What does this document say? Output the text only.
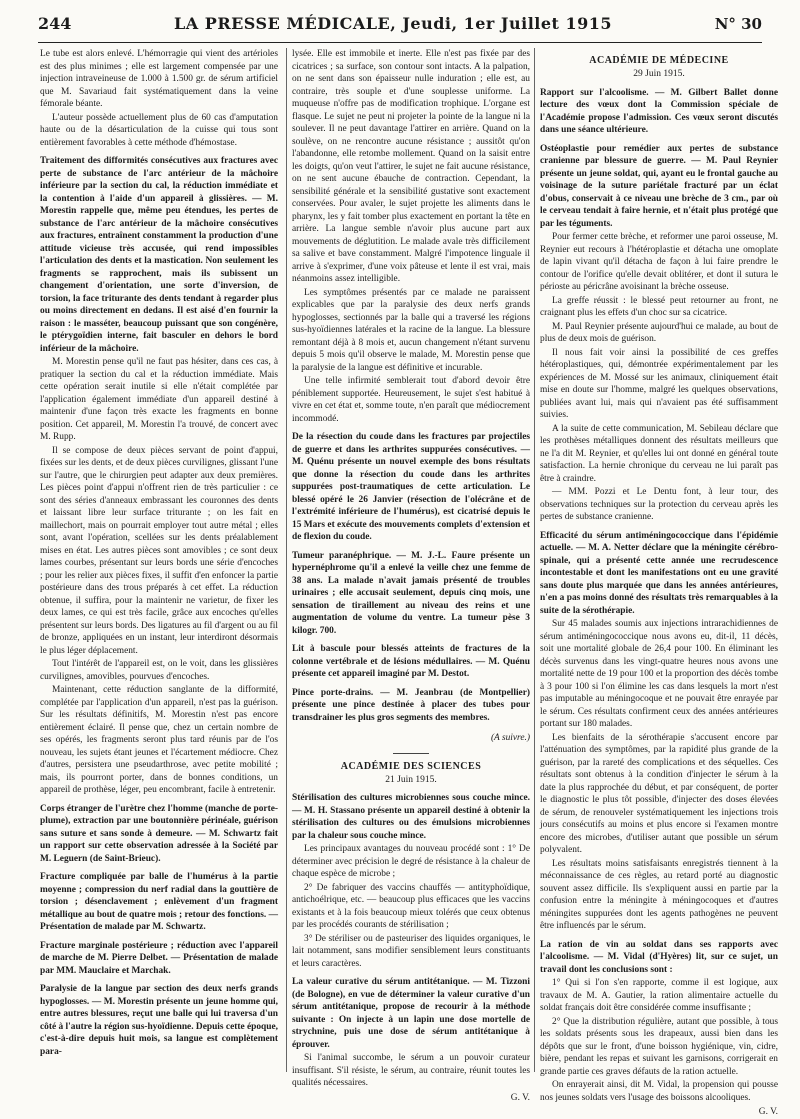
244	LA PRESSE MÉDICALE, Jeudi, 1er Juillet 1915	N° 30

Le tube est alors enlevé. L'hémorragie qui vient des artérioles est des plus minimes ; elle est largement compensée par une injection intraveineuse de 1.000 à 1.500 gr. de sérum artificiel que M. Savariaud fait systématiquement dans la veine fémorale béante.

L'auteur possède actuellement plus de 60 cas d'amputation haute ou de la désarticulation de la cuisse qui tous sont entièrement favorables à cette méthode d'hémostase.

Traitement des difformités consécutives aux fractures avec perte de substance de l'arc antérieur de la mâchoire inférieure par la section du cal, la réduction immédiate et la contention à l'aide d'un appareil à glissières. — M. Morestin rappelle que, même peu étendues, les pertes de substance de l'arc antérieur de la mâchoire consécutives aux fractures, entraînent constamment la production d'une attitude vicieuse très accusée, qui rend impossibles l'articulation des dents et la mastication. Non seulement les fragments se rapprochent, mais ils subissent un changement d'orientation, une sorte d'inversion, de torsion, la face triturante des dents tendant à regarder plus ou moins directement en dedans. Il est aisé d'en fournir la raison : le masséter, beaucoup puissant que son congénère, le ptérygoïdien interne, fait basculer en dehors le bord inférieur de la mâchoire.

M. Morestin pense qu'il ne faut pas hésiter, dans ces cas, à pratiquer la section du cal et la réduction immédiate. Mais cette opération serait inutile si elle n'était complétée par l'application également immédiate d'un appareil destiné à maintenir d'une façon très exacte les fragments en bonne position. Cet appareil, M. Morestin l'a trouvé, de concert avec M. Rupp.

Il se compose de deux pièces servant de point d'appui, fixées sur les dents, et de deux pièces curvilignes, glissant l'une sur l'autre, que le chirurgien peut adapter aux deux premières. Les pièces point d'appui n'offrent rien de très particulier : ce sont des séries d'anneaux embrassant les couronnes des dents et laissant libre leur surface triturante ; on les fait en maillechort, mais on pourrait employer tout autre métal ; elles sont, avant l'opération, scellées sur les dents préalablement mises en état. Les autres pièces sont amovibles ; ce sont deux lames courbes, présentant sur leurs bords une série d'encoches ; pour les relier aux pièces fixes, il suffit d'en enfoncer la partie postérieure dans des trous préparés à cet effet. La réduction obtenue, il suffira, pour la maintenir ne varietur, de fixer les deux lames, ce qui est très facile, grâce aux encoches qu'elles présentent sur leurs bords. Des ligatures au fil d'argent ou au fil de bronze, appliquées en un instant, leur interdiront désormais le plus léger déplacement.

Tout l'intérêt de l'appareil est, on le voit, dans les glissières curvilignes, amovibles, pourvues d'encoches.

Maintenant, cette réduction sanglante de la difformité, complétée par l'application d'un appareil, n'est pas la guérison. Sur les résultats définitifs, M. Morestin n'est pas encore entièrement éclairé. Il pense que, chez un certain nombre de ses opérés, les fragments seront plus tard réunis par de l'os nouveau, les sujets étant jeunes et l'écartement médiocre. Chez d'autres, persistera une pseudarthrose, avec petite mobilité ; mais, ils pourront porter, dans de bonnes conditions, un appareil de prothèse, léger, peu encombrant, facile à entretenir.

Corps étranger de l'urètre chez l'homme (manche de porte-plume), extraction par une boutonnière périnéale, guérison sans suture et sans sonde à demeure. — M. Schwartz fait un rapport sur cette observation adressée à la Société par M. Leguern (de Saint-Brieuc).

Fracture compliquée par balle de l'humérus à la partie moyenne ; compression du nerf radial dans la gouttière de torsion ; désenclavement ; enlèvement d'un fragment métallique au bout de quatre mois ; retour des fonctions. — Présentation de malade par M. Schwartz.

Fracture marginale postérieure ; réduction avec l'appareil de marche de M. Pierre Delbet. — Présentation de malade par MM. Mauclaire et Marchak.

Paralysie de la langue par section des deux nerfs grands hypoglosses. — M. Morestin présente un jeune homme qui, entre autres blessures, reçut une balle qui lui traversa d'un côté à l'autre la région sus-hyoïdienne. Depuis cette époque, c'est-à-dire depuis huit mois, sa langue est complètement para-

lysée. Elle est immobile et inerte. Elle n'est pas fixée par des cicatrices ; sa surface, son contour sont intacts. A la palpation, on ne sent dans son épaisseur nulle induration ; elle est, au contraire, très souple et d'une souplesse uniforme. La muqueuse n'offre pas de modification trophique. L'organe est flasque. Le sujet ne peut ni projeter la pointe de la langue ni la soulever. Il ne peut davantage l'attirer en arrière. Quand on la soulève, on ne rencontre aucune résistance ; aussitôt qu'on l'abandonne, elle retombe mollement. Quand on la saisit entre les doigts, qu'on veut l'attirer, le sujet ne fait aucune résistance, on ne sent aucune ébauche de contraction. Cependant, la sensibilité générale et la sensibilité gustative sont exactement conservées. Pour avaler, le sujet projette les aliments dans le pharynx, les y fait tomber plus exactement en portant la tête en arrière. La langue semble n'avoir plus aucune part aux mouvements de déglutition. Le malade avale très difficilement sa salive et bave constamment. Malgré l'impotence linguale il arrive à s'exprimer, d'une voix pâteuse et lente il est vrai, mais néanmoins assez intelligible.

Les symptômes présentés par ce malade ne paraissent explicables que par la paralysie des deux nerfs grands hypoglosses, sectionnés par la balle qui a traversé les régions sus-hyoïdiennes latérales et la racine de la langue. La blessure remontant déjà à 8 mois et, aucun changement n'étant survenu depuis 5 mois qu'il observe le malade, M. Morestin pense que la paralysie de la langue est définitive et incurable.

Une telle infirmité semblerait tout d'abord devoir être péniblement supportée. Heureusement, le sujet s'est habitué à vivre en cet état et, somme toute, n'en paraît que médiocrement incommodé.

De la résection du coude dans les fractures par projectiles de guerre et dans les arthrites suppurées consécutives. — M. Quénu présente un nouvel exemple des bons résultats que donne la résection du coude dans les arthrites suppurées post-traumatiques de cette articulation. Le blessé opéré le 26 Janvier (résection de l'olécrâne et de l'extrémité inférieure de l'humérus), est cicatrisé depuis le 15 Mars et exécute des mouvements complets d'extension et de flexion du coude.

Tumeur paranéphrique. — M. J.-L. Faure présente un hypernéphrome qu'il a enlevé la veille chez une femme de 38 ans. La malade n'avait jamais présenté de troubles urinaires ; elle accusait seulement, depuis cinq mois, une sensation de tiraillement au niveau des reins et une augmentation de volume du ventre. La tumeur pèse 3 kilogr. 700.

Lit à bascule pour blessés atteints de fractures de la colonne vertébrale et de lésions médullaires. — M. Quénu présente cet appareil imaginé par M. Destot.

Pince porte-drains. — M. Jeanbrau (de Montpellier) présente une pince destinée à placer des tubes pour transdrainer les plus gros segments des membres.

(A suivre.)

ACADÉMIE DES SCIENCES

21 Juin 1915.

Stérilisation des cultures microbiennes sous couche mince. — M. H. Stassano présente un appareil destiné à obtenir la stérilisation des cultures ou des émulsions microbiennes par la chaleur sous couche mince.

Les principaux avantages du nouveau procédé sont : 1° De déterminer avec précision le degré de résistance à la chaleur de chaque espèce de microbe ;

2° De fabriquer des vaccins chauffés — antityphoïdique, antichoélrique, etc. — beaucoup plus efficaces que les vaccins existants et à la fois beaucoup mieux tolérés que ceux obtenus par les procédés courants de stérilisation ;

3° De stériliser ou de pasteuriser des liquides organiques, le lait notamment, sans modifier sensiblement leurs constituants et leurs caractères.

La valeur curative du sérum antitétanique. — M. Tizzoni (de Bologne), en vue de déterminer la valeur curative d'un sérum antitétanique, propose de recourir à la méthode suivante : On injecte à un lapin une dose mortelle de strychnine, puis une dose de sérum antitétanique à éprouver.

Si l'animal succombe, le sérum a un pouvoir curateur insuffisant. S'il résiste, le sérum, au contraire, réunit toutes les qualités nécessaires.

G. V.

ACADÉMIE DE MÉDECINE

29 Juin 1915.

Rapport sur l'alcoolisme. — M. Gilbert Ballet donne lecture des vœux dont la Commission spéciale de l'Académie propose l'admission. Ces vœux seront discutés dans une séance ultérieure.

Ostéoplastie pour remédier aux pertes de substance cranienne par blessure de guerre. — M. Paul Reynier présente un jeune soldat, qui, ayant eu le frontal gauche au voisinage de la suture pariétale fracturé par un éclat d'obus, conservait à ce niveau une brèche de 3 cm., par où le cerveau tendait à faire hernie, et n'était plus protégé que par les téguments.

Pour fermer cette brèche, et reformer une paroi osseuse, M. Reynier eut recours à l'hétéroplastie et détacha une omoplate de lapin vivant qu'il détacha de façon à lui faire prendre le contour de l'orifice qu'elle devait oblitérer, et dont il sutura le périoste au péricrâne avoisinant la brèche osseuse.

La greffe réussit : le blessé peut retourner au front, ne craignant plus les effets d'un choc sur sa cicatrice.

M. Paul Reynier présente aujourd'hui ce malade, au bout de plus de deux mois de guérison.

Il nous fait voir ainsi la possibilité de ces greffes hétéroplastiques, qui, démontrée expérimentalement par les expériences de M. Mossé sur les animaux, cliniquement était mise en doute sur l'homme, malgré les quelques observations, publiées avant lui, mais qui n'avaient pas été suffisamment suivies.

A la suite de cette communication, M. Sebileau déclare que les prothèses métalliques donnent des résultats meilleurs que ne l'a dit M. Reynier, et qu'elles lui ont donné en général toute satisfaction. La hernie chronique du cerveau ne lui paraît pas être à craindre.

— MM. Pozzi et Le Dentu font, à leur tour, des observations techniques sur la protection du cerveau après les pertes de substance cranienne.

Efficacité du sérum antiméningococcique dans l'épidémie actuelle. — M. A. Netter déclare que la méningite cérébro-spinale, qui a présenté cette année une recrudescence incontestable et dont les manifestations ont eu une gravité sans doute plus marquée que dans les années antérieures, n'en a pas moins donné des résultats très remarquables à la suite de la sérothérapie.

Sur 45 malades soumis aux injections intrarachidiennes de sérum antiméningococcique nous avons eu, dit-il, 11 décès, soit une mortalité globale de 26,4 pour 100. En éliminant les décès survenus dans les vingt-quatre heures nous avons une mortalité nette de 19 pour 100 et la proportion des décès tombe à 3 pour 100 si l'on élimine les cas dans lesquels la mort n'est pas imputable au méningocoque et ne pouvait être enrayée par le sérum. Ces résultats confirment ceux des années antérieures portant sur 180 malades.

Les bienfaits de la sérothérapie s'accusent encore par l'atténuation des symptômes, par la rapidité plus grande de la guérison, par la rareté des complications et des séquelles. Ces résultats sont obtenus à la condition d'injecter le sérum à la date la plus rapprochée du début, et par conséquent, de porter le diagnostic le plus tôt possible, d'injecter des doses élevées de sérum, de renouveler systématiquement les injections trois jours consécutifs au moins et plus encore si l'examen montre encore des microbes, d'utiliser autant que possible un sérum polyvalent.

Les résultats moins satisfaisants enregistrés tiennent à la méconnaissance de ces règles, au retard porté au diagnostic souvent assez difficile. Ils s'expliquent aussi en partie par la confusion entre la méningite à méningocoques et d'autres méningites suppurées dont les agents pathogènes ne peuvent être influencés par le sérum.

La ration de vin au soldat dans ses rapports avec l'alcoolisme. — M. Vidal (d'Hyères) lit, sur ce sujet, un travail dont les conclusions sont :

1° Qui si l'on s'en rapporte, comme il est logique, aux travaux de M. A. Gautier, la ration alimentaire actuelle du soldat français doit être considérée comme insuffisante ;

2° Que la distribution régulière, autant que possible, à tous les soldats présents sous les drapeaux, aussi bien dans les dépôts que sur le front, d'une boisson hygiénique, vin, cidre, bière, pendant les repas et suivant les garnisons, corrigerait en grande partie ces graves défauts de la ration actuelle.

On enrayerait ainsi, dit M. Vidal, la propension qui pousse nos jeunes soldats vers l'usage des boissons alcooliques.

G. V.
